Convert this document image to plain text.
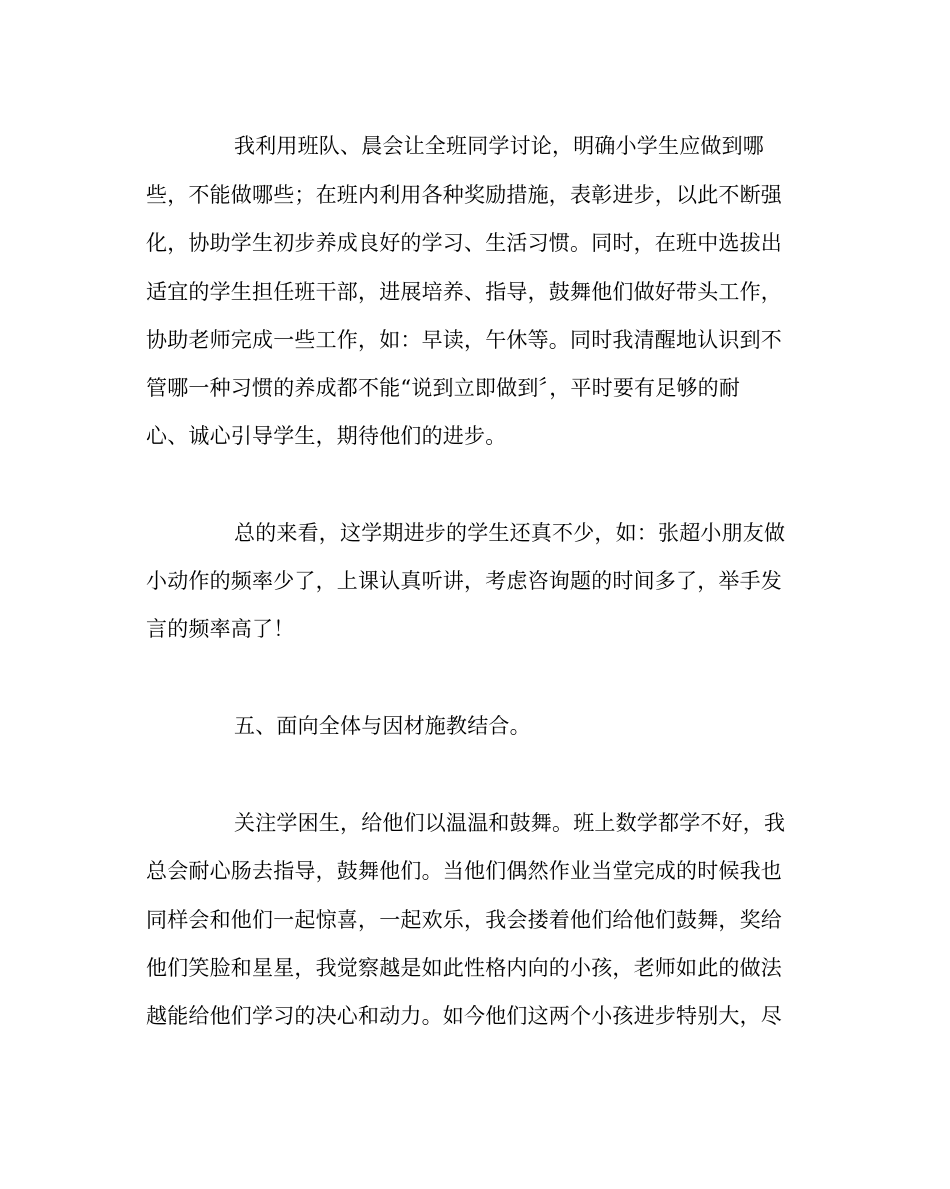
我利用班队、晨会让全班同学讨论，明确小学生应做到哪
些，不能做哪些；在班内利用各种奖励措施，表彰进步，以此不断强
化，协助学生初步养成良好的学习、生活习惯。同时，在班中选拔出
适宜的学生担任班干部，进展培养、指导，鼓舞他们做好带头工作，
协助老师完成一些工作，如：早读，午休等。同时我清醒地认识到不
管哪一种习惯的养成都不能“说到立即做到〞，平时要有足够的耐
心、诚心引导学生，期待他们的进步。
总的来看，这学期进步的学生还真不少，如：张超小朋友做
小动作的频率少了，上课认真听讲，考虑咨询题的时间多了，举手发
言的频率高了！
五、面向全体与因材施教结合。
关注学困生，给他们以温温和鼓舞。班上数学都学不好，我
总会耐心肠去指导，鼓舞他们。当他们偶然作业当堂完成的时候我也
同样会和他们一起惊喜，一起欢乐，我会搂着他们给他们鼓舞，奖给
他们笑脸和星星，我觉察越是如此性格内向的小孩，老师如此的做法
越能给他们学习的决心和动力。如今他们这两个小孩进步特别大，尽
